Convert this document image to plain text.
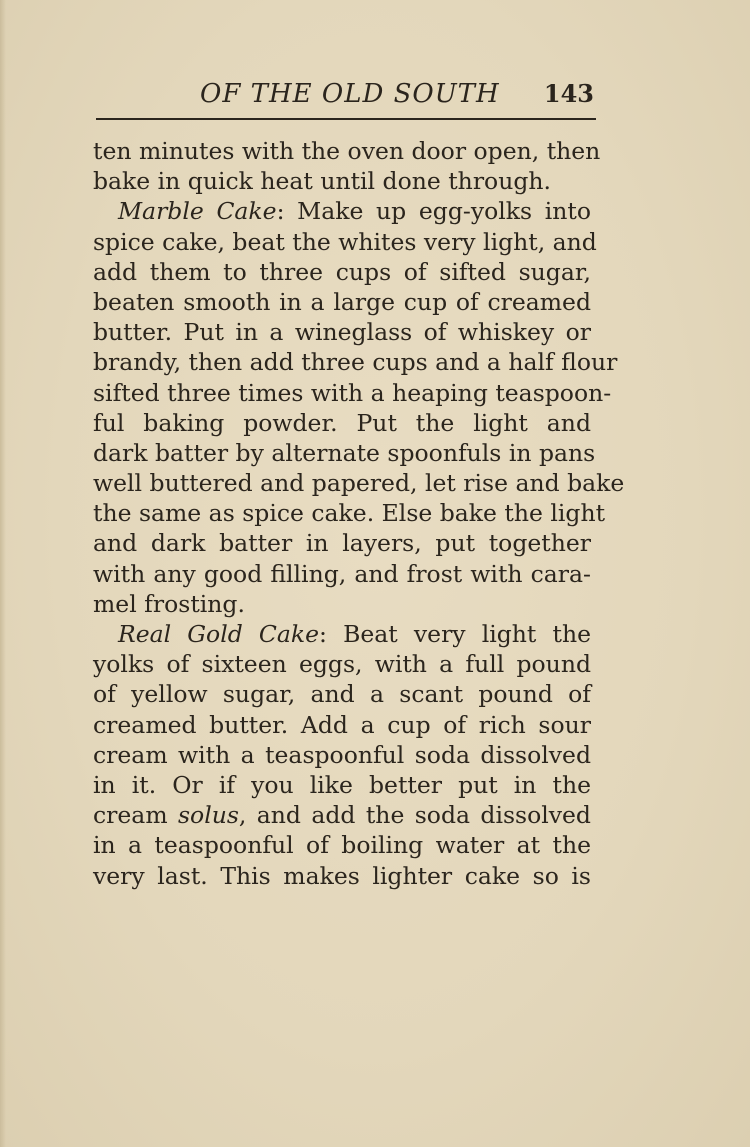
OF THE OLD SOUTH 143
ten minutes with the oven door open, then
bake in quick heat until done through.
Marble Cake: Make up egg-yolks into
spice cake, beat the whites very light, and
add them to three cups of sifted sugar,
beaten smooth in a large cup of creamed
butter. Put in a wineglass of whiskey or
brandy, then add three cups and a half flour
sifted three times with a heaping teaspoon-
ful baking powder. Put the light and
dark batter by alternate spoonfuls in pans
well buttered and papered, let rise and bake
the same as spice cake. Else bake the light
and dark batter in layers, put together
with any good filling, and frost with cara-
mel frosting.
Real Gold Cake: Beat very light the
yolks of sixteen eggs, with a full pound
of yellow sugar, and a scant pound of
creamed butter. Add a cup of rich sour
cream with a teaspoonful soda dissolved
in it. Or if you like better put in the
cream solus, and add the soda dissolved
in a teaspoonful of boiling water at the
very last. This makes lighter cake so is
